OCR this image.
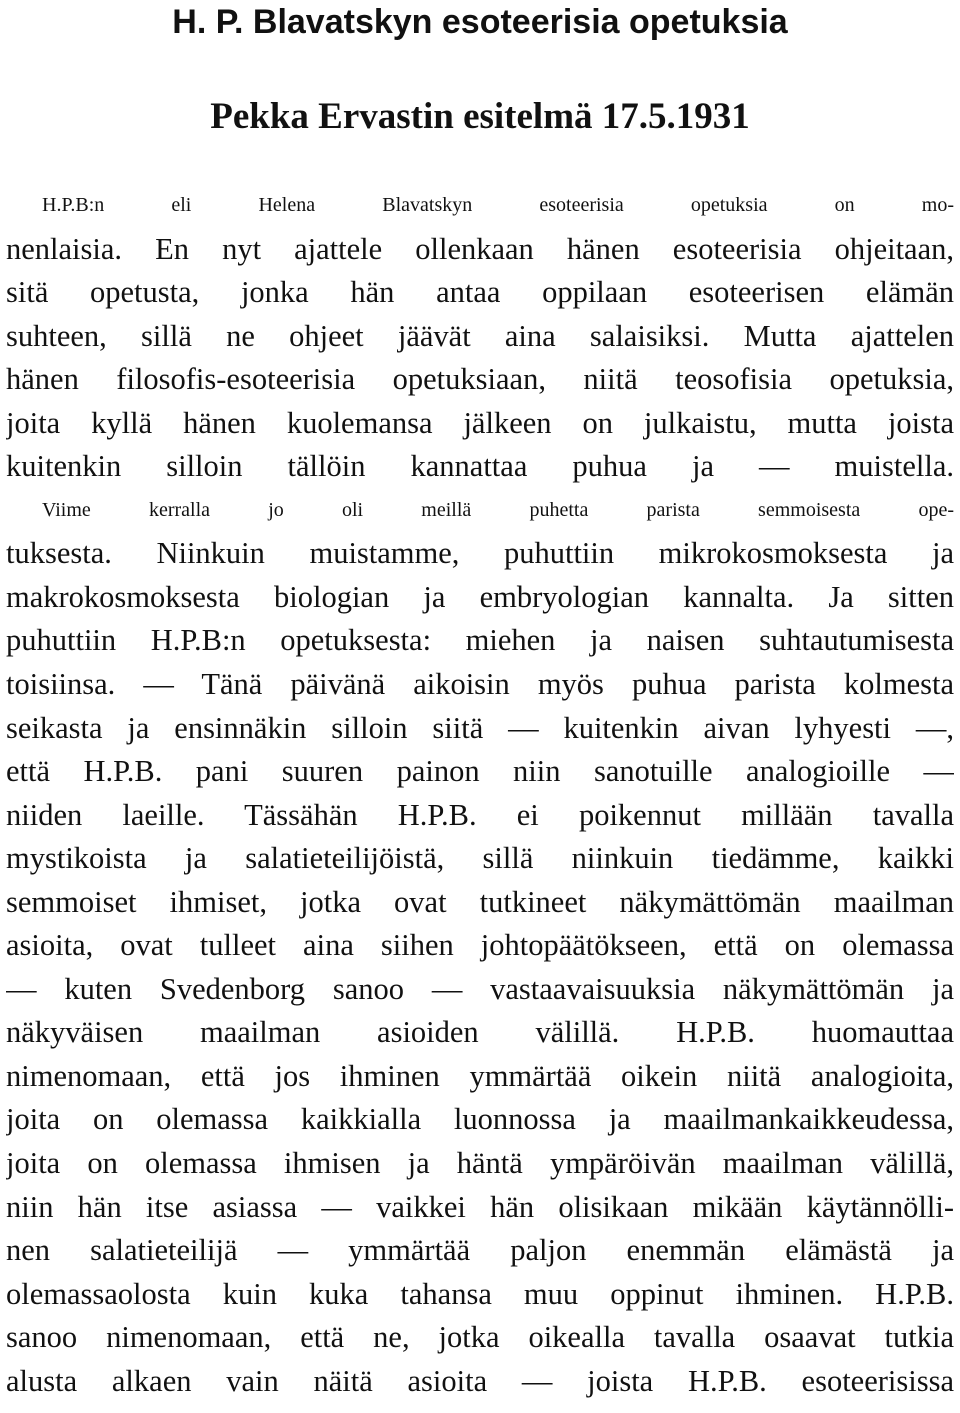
H. P. Blavatskyn esoteerisia opetuksia
Pekka Ervastin esitelmä 17.5.1931
H.P.B:n eli Helena Blavatskyn esoteerisia opetuksia on mo-
nenlaisia. En nyt ajattele ollenkaan hänen esoteerisia ohjeitaan,
sitä opetusta, jonka hän antaa oppilaan esoteerisen elämän
suhteen, sillä ne ohjeet jäävät aina salaisiksi. Mutta ajattelen
hänen filosofis-esoteerisia opetuksiaan, niitä teosofisia opetuksia,
joita kyllä hänen kuolemansa jälkeen on julkaistu, mutta joista
kuitenkin silloin tällöin kannattaa puhua ja — muistella.
Viime kerralla jo oli meillä puhetta parista semmoisesta ope-
tuksesta. Niinkuin muistamme, puhuttiin mikrokosmoksesta ja
makrokosmoksesta biologian ja embryologian kannalta. Ja sitten
puhuttiin H.P.B:n opetuksesta: miehen ja naisen suhtautumisesta
toisiinsa. — Tänä päivänä aikoisin myös puhua parista kolmesta
seikasta ja ensinnäkin silloin siitä — kuitenkin aivan lyhyesti —,
että H.P.B. pani suuren painon niin sanotuille analogioille —
niiden laeille. Tässähän H.P.B. ei poikennut millään tavalla
mystikoista ja salatieteilijöistä, sillä niinkuin tiedämme, kaikki
semmoiset ihmiset, jotka ovat tutkineet näkymättömän maailman
asioita, ovat tulleet aina siihen johtopäätökseen, että on olemassa
— kuten Svedenborg sanoo — vastaavaisuuksia näkymättömän ja
näkyväisen maailman asioiden välillä. H.P.B. huomauttaa
nimenomaan, että jos ihminen ymmärtää oikein niitä analogioita,
joita on olemassa kaikkialla luonnossa ja maailmankaikkeudessa,
joita on olemassa ihmisen ja häntä ympäröivän maailman välillä,
niin hän itse asiassa — vaikkei hän olisikaan mikään käytännölli-
nen salatieteilijä — ymmärtää paljon enemmän elämästä ja
olemassaolosta kuin kuka tahansa muu oppinut ihminen. H.P.B.
sanoo nimenomaan, että ne, jotka oikealla tavalla osaavat tutkia
alusta alkaen vain näitä asioita — joista H.P.B. esoteerisissa
